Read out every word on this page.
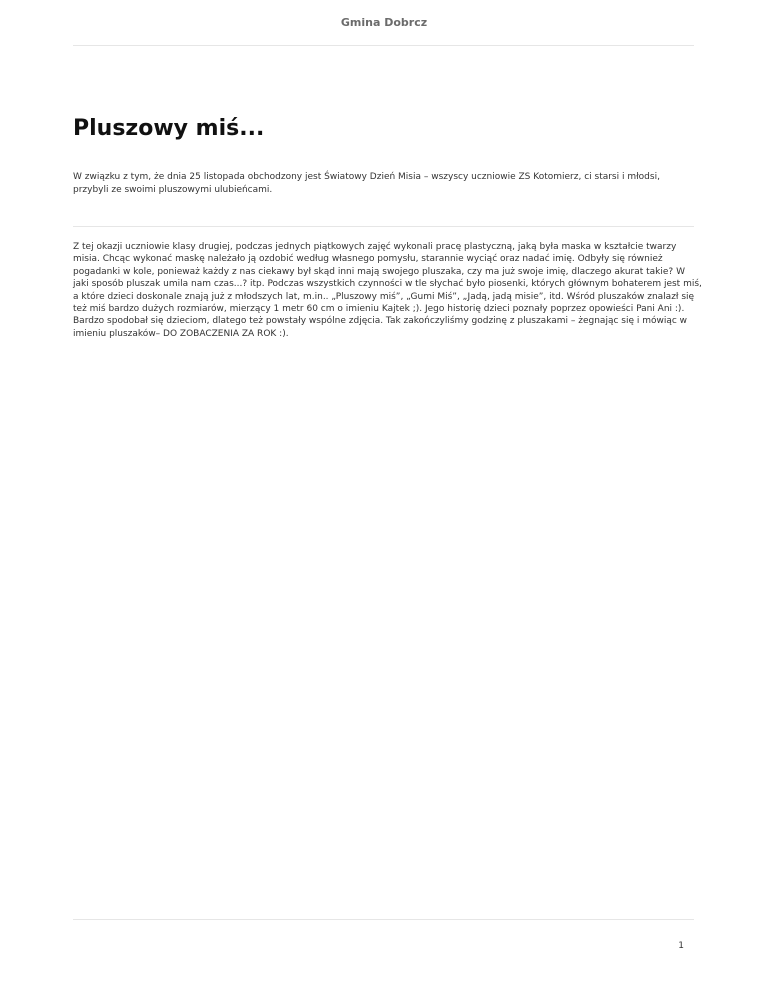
Gmina Dobrcz
Pluszowy miś...

W związku z tym, że dnia 25 listopada obchodzony jest Światowy Dzień Misia – wszyscy uczniowie ZS Kotomierz, ci starsi i młodsi, przybyli ze swoimi pluszowymi ulubieńcami.

Z tej okazji uczniowie klasy drugiej, podczas jednych piątkowych zajęć wykonali pracę plastyczną, jaką była maska w kształcie twarzy misia. Chcąc wykonać maskę należało ją ozdobić według własnego pomysłu, starannie wyciąć oraz nadać imię. Odbyły się również pogadanki w kole, ponieważ każdy z nas ciekawy był skąd inni mają swojego pluszaka, czy ma już swoje imię, dlaczego akurat takie? W jaki sposób pluszak umila nam czas...? itp. Podczas wszystkich czynności w tle słychać było piosenki, których głównym bohaterem jest miś, a które dzieci doskonale znają już z młodszych lat, m.in.. „Pluszowy miś”, „Gumi Miś”, „Jadą, jadą misie”, itd. Wśród pluszaków znalazł się też miś bardzo dużych rozmiarów, mierzący 1 metr 60 cm o imieniu Kajtek ;). Jego historię dzieci poznały poprzez opowieści Pani Ani :). Bardzo spodobał się dzieciom, dlatego też powstały wspólne zdjęcia. Tak zakończyliśmy godzinę z pluszakami – żegnając się i mówiąc w imieniu pluszaków– DO ZOBACZENIA ZA ROK :).

1
